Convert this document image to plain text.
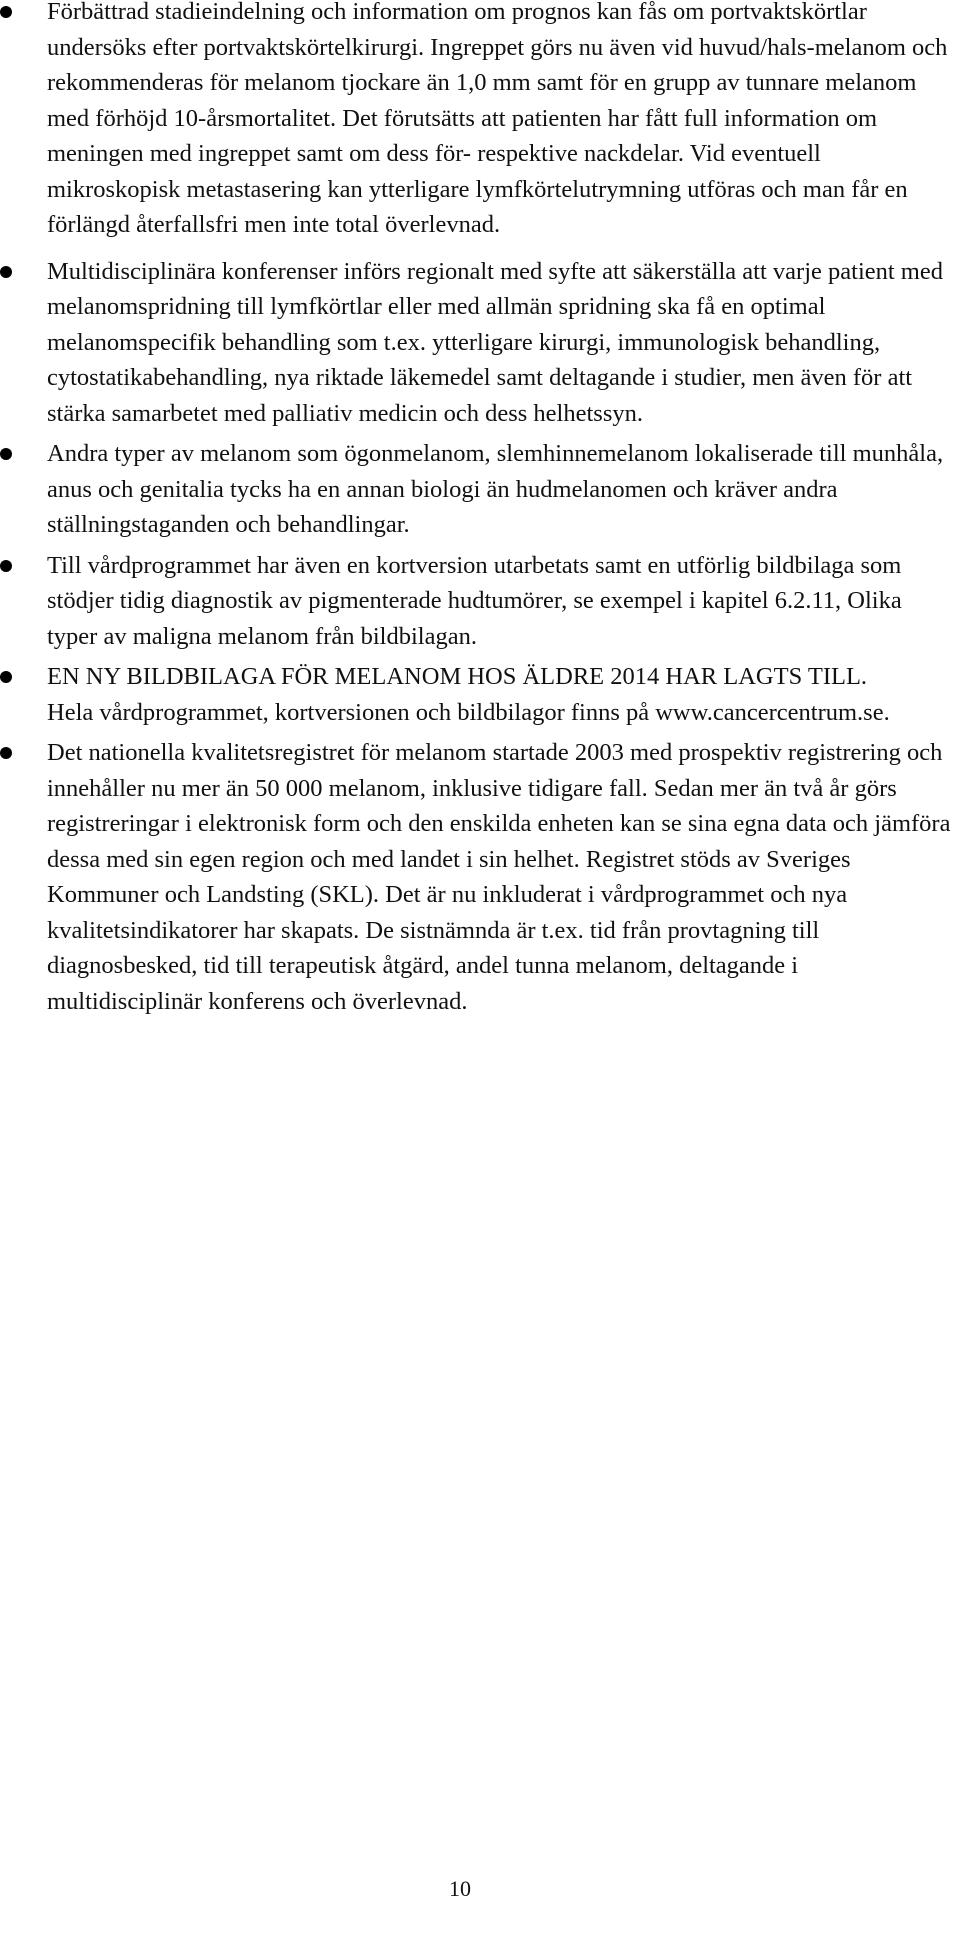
Förbättrad stadieindelning och information om prognos kan fås om portvaktskörtlar undersöks efter portvaktskörtelkirurgi. Ingreppet görs nu även vid huvud/hals-melanom och rekommenderas för melanom tjockare än 1,0 mm samt för en grupp av tunnare melanom med förhöjd 10-årsmortalitet. Det förutsätts att patienten har fått full information om meningen med ingreppet samt om dess för- respektive nackdelar. Vid eventuell mikroskopisk metastasering kan ytterligare lymfkörtelutrymning utföras och man får en förlängd återfallsfri men inte total överlevnad.
Multidisciplinära konferenser införs regionalt med syfte att säkerställa att varje patient med melanomspridning till lymfkörtlar eller med allmän spridning ska få en optimal melanomspecifik behandling som t.ex. ytterligare kirurgi, immunologisk behandling, cytostatikabehandling, nya riktade läkemedel samt deltagande i studier, men även för att stärka samarbetet med palliativ medicin och dess helhetssyn.
Andra typer av melanom som ögonmelanom, slemhinnemelanom lokaliserade till munhåla, anus och genitalia tycks ha en annan biologi än hudmelanomen och kräver andra ställningstaganden och behandlingar.
Till vårdprogrammet har även en kortversion utarbetats samt en utförlig bildbilaga som stödjer tidig diagnostik av pigmenterade hudtumörer, se exempel i kapitel 6.2.11, Olika typer av maligna melanom från bildbilagan.
EN NY BILDBILAGA FÖR MELANOM HOS ÄLDRE 2014 HAR LAGTS TILL.
Hela vårdprogrammet, kortversionen och bildbilagor finns på www.cancercentrum.se.
Det nationella kvalitetsregistret för melanom startade 2003 med prospektiv registrering och innehåller nu mer än 50 000 melanom, inklusive tidigare fall. Sedan mer än två år görs registreringar i elektronisk form och den enskilda enheten kan se sina egna data och jämföra dessa med sin egen region och med landet i sin helhet. Registret stöds av Sveriges Kommuner och Landsting (SKL). Det är nu inkluderat i vårdprogrammet och nya kvalitetsindikatorer har skapats. De sistnämnda är t.ex. tid från provtagning till diagnosbesked, tid till terapeutisk åtgärd, andel tunna melanom, deltagande i multidisciplinär konferens och överlevnad.
10
